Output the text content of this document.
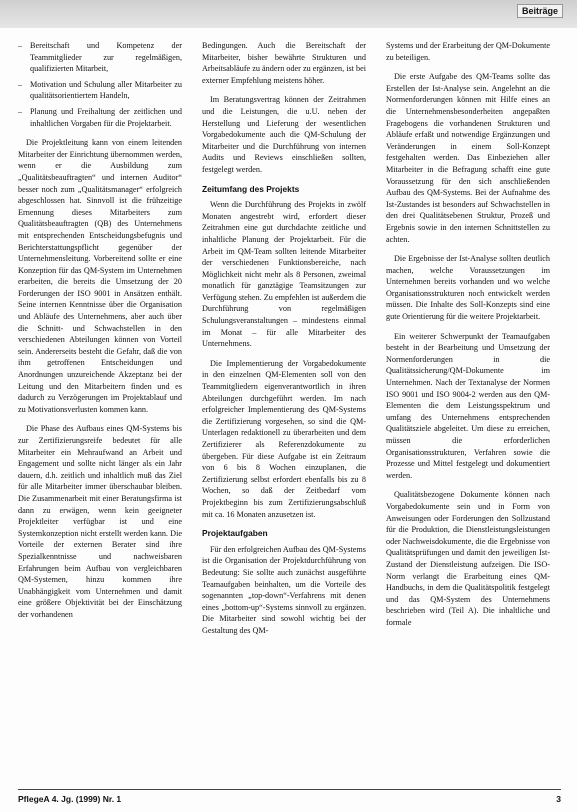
Beiträge
– Bereitschaft und Kompetenz der Teammitglieder zur regelmäßigen, qualifizierten Mitarbeit,
– Motivation und Schulung aller Mitarbeiter zu qualitätsorientiertem Handeln,
– Planung und Freihaltung der zeitlichen und inhaltlichen Vorgaben für die Projektarbeit.

Die Projektleitung kann von einem leitenden Mitarbeiter der Einrichtung übernommen werden, wenn er die Ausbildung zum „Qualitätsbeauftragten“ und internen Auditor“ besser noch zum „Qualitätsmanager“ erfolgreich abgeschlossen hat. Sinnvoll ist die frühzeitige Ernennung dieses Mitarbeiters zum Qualitätsbeauftragten (QB) des Unternehmens mit entsprechenden Entscheidungsbefugnis und Berichterstattungspflicht gegenüber der Unternehmensleitung. Vorbereitend sollte er eine Konzeption für das QM-System im Unternehmen erarbeiten, die bereits die Umsetzung der 20 Forderungen der ISO 9001 in Ansätzen enthält. Seine internen Kenntnisse über die Organisation und Abläufe des Unternehmens, aber auch über die Schnitt- und Schwachstellen in den verschiedenen Abteilungen können von Vorteil sein. Andererseits besteht die Gefahr, daß die von ihm getroffenen Entscheidungen und Anordnungen unzureichende Akzeptanz bei der Leitung und den Mitarbeitern finden und es dadurch zu Verzögerungen im Projektablauf und zu Motivationsverlusten kommen kann.

Die Phase des Aufbaus eines QM-Systems bis zur Zertifizierungsreife bedeutet für alle Mitarbeiter ein Mehraufwand an Arbeit und Engagement und sollte nicht länger als ein Jahr dauern, d.h. zeitlich und inhaltlich muß das Ziel für alle Mitarbeiter immer überschaubar bleiben. Die Zusammenarbeit mit einer Beratungsfirma ist dann zu erwägen, wenn kein geeigneter Projektleiter verfügbar ist und eine Systemkonzeption nicht erstellt werden kann. Die Vorteile der externen Berater sind ihre Spezialkenntnisse und nachweisbaren Erfahrungen beim Aufbau von vergleichbaren QM-Systemen, hinzu kommen ihre Unabhängigkeit vom Unternehmen und damit eine größere Objektivität bei der Einschätzung der vorhandenen

Bedingungen. Auch die Bereitschaft der Mitarbeiter, bisher bewährte Strukturen und Arbeitsabläufe zu ändern oder zu ergänzen, ist bei externer Empfehlung meistens höher.

Im Beratungsvertrag können der Zeitrahmen und die Leistungen, die u.U. neben der Herstellung und Lieferung der wesentlichen Vorgabedokumente auch die QM-Schulung der Mitarbeiter und die Durchführung von internen Audits und Reviews einschließen sollten, festgelegt werden.

Zeitumfang des Projekts

Wenn die Durchführung des Projekts in zwölf Monaten angestrebt wird, erfordert dieser Zeitrahmen eine gut durchdachte zeitliche und inhaltliche Planung der Projektarbeit. Für die Arbeit im QM-Team sollten leitende Mitarbeiter der verschiedenen Funktionsbereiche, nach Möglichkeit nicht mehr als 8 Personen, zweimal monatlich für ganztägige Teamsitzungen zur Verfügung stehen. Zu empfehlen ist außerdem die Durchführung von regelmäßigen Schulungsveranstaltungen – mindestens einmal im Monat – für alle Mitarbeiter des Unternehmens.

Die Implementierung der Vorgabedokumente in den einzelnen QM-Elementen soll von den Teammitgliedern eigenverantwortlich in ihren Abteilungen durchgeführt werden. Im nach erfolgreicher Implementierung des QM-Systems die Zertifizierung vorgesehen, so sind die QM-Unterlagen redaktionell zu überarbeiten und dem Zertifizierer als Referenzdokumente zu übergeben. Für diese Aufgabe ist ein Zeitraum von 6 bis 8 Wochen einzuplanen, die Zertifizierung selbst erfordert ebenfalls bis zu 8 Wochen, so daß der Zeitbedarf vom Projektbeginn bis zum Zertifizierungsabschluß mit ca. 16 Monaten anzusetzen ist.

Projektaufgaben

Für den erfolgreichen Aufbau des QM-Systems ist die Organisation der Projektdurchführung von Bedeutung: Sie sollte auch zunächst ausgeführte Teamaufgaben beinhalten, um die Vorteile des sogenannten „top-down“-Verfahrens mit denen eines „bottom-up“-Systems sinnvoll zu ergänzen. Die Mitarbeiter sind sowohl wichtig bei der Gestaltung des QM-

Systems und der Erarbeitung der QM-Dokumente zu beteiligen.

Die erste Aufgabe des QM-Teams sollte das Erstellen der Ist-Analyse sein. Angelehnt an die Normenforderungen können mit Hilfe eines an die Unternehmensbesonderheiten angepaßten Fragebogens die vorhandenen Strukturen und Abläufe erfaßt und notwendige Ergänzungen und Veränderungen in einem Soll-Konzept festgehalten werden. Das Einbeziehen aller Mitarbeiter in die Befragung schafft eine gute Voraussetzung für den sich anschließenden Aufbau des QM-Systems. Bei der Aufnahme des Ist-Zustandes ist besonders auf Schwachstellen in den drei Qualitätsebenen Struktur, Prozeß und Ergebnis sowie in den internen Schnittstellen zu achten.

Die Ergebnisse der Ist-Analyse sollten deutlich machen, welche Voraussetzungen im Unternehmen bereits vorhanden und wo welche Organisationsstrukturen noch entwickelt werden müssen. Die Inhalte des Soll-Konzepts sind eine gute Orientierung für die weitere Projektarbeit.

Ein weiterer Schwerpunkt der Teamaufgaben besteht in der Bearbeitung und Umsetzung der Normenforderungen in die Qualitätssicherung/QM-Dokumente im Unternehmen. Nach der Textanalyse der Normen ISO 9001 und ISO 9004-2 werden aus den QM-Elementen die dem Leistungsspektrum und umfang des Unternehmens entsprechenden Qualitätsziele abgeleitet. Um diese zu erreichen, müssen die erforderlichen Organisationsstrukturen, Verfahren sowie die Prozesse und Mittel festgelegt und dokumentiert werden.

Qualitätsbezogene Dokumente können nach Vorgabedokumente sein und in Form von Anweisungen oder Forderungen den Sollzustand für die Produktion, die Dienstleistungsleistungen oder Nachweisdokumente, die die Ergebnisse von Qualitätsprüfungen und damit den jeweiligen Ist-Zustand der Dienstleistung aufzeigen. Die ISO-Norm verlangt die Erarbeitung eines QM-Handbuchs, in dem die Qualitätspolitik festgelegt und das QM-System des Unternehmens beschrieben wird (Teil A). Die inhaltliche und formale

PflegeA 4. Jg. (1999) Nr. 1	3
